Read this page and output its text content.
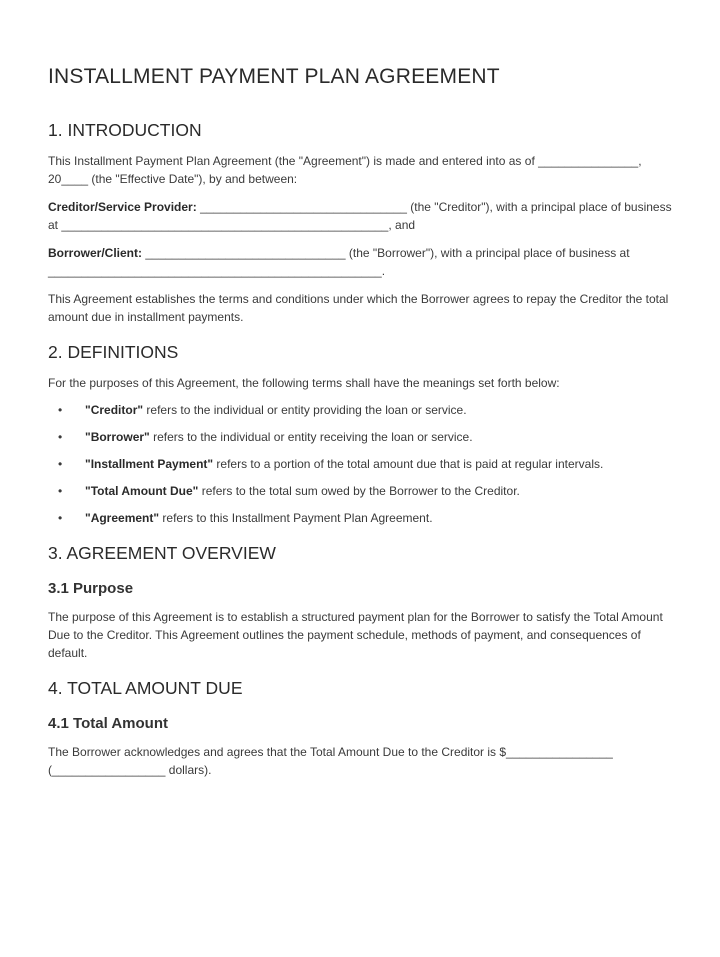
INSTALLMENT PAYMENT PLAN AGREEMENT
1. INTRODUCTION
This Installment Payment Plan Agreement (the "Agreement") is made and entered into as of _______________, 20____ (the "Effective Date"), by and between:
Creditor/Service Provider: _______________________________ (the "Creditor"), with a principal place of business at _________________________________________________, and
Borrower/Client: ______________________________ (the "Borrower"), with a principal place of business at __________________________________________________.
This Agreement establishes the terms and conditions under which the Borrower agrees to repay the Creditor the total amount due in installment payments.
2. DEFINITIONS
For the purposes of this Agreement, the following terms shall have the meanings set forth below:
• "Creditor" refers to the individual or entity providing the loan or service.
• "Borrower" refers to the individual or entity receiving the loan or service.
• "Installment Payment" refers to a portion of the total amount due that is paid at regular intervals.
• "Total Amount Due" refers to the total sum owed by the Borrower to the Creditor.
• "Agreement" refers to this Installment Payment Plan Agreement.
3. AGREEMENT OVERVIEW
3.1 Purpose
The purpose of this Agreement is to establish a structured payment plan for the Borrower to satisfy the Total Amount Due to the Creditor. This Agreement outlines the payment schedule, methods of payment, and consequences of default.
4. TOTAL AMOUNT DUE
4.1 Total Amount
The Borrower acknowledges and agrees that the Total Amount Due to the Creditor is $________________ (_________________ dollars).
